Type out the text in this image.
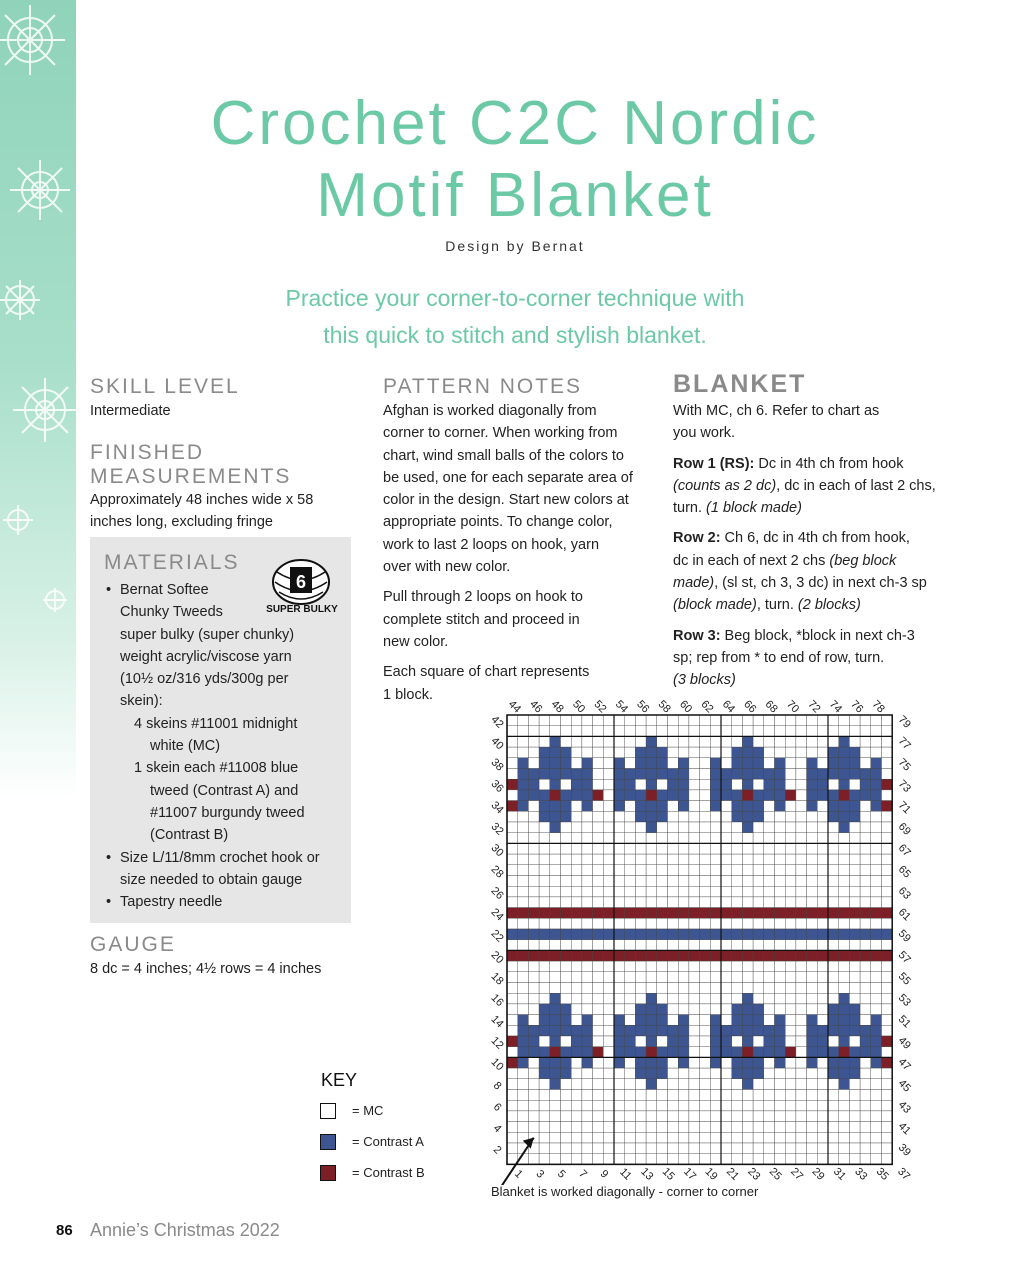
Crochet C2C Nordic
Motif Blanket
Design by Bernat
Practice your corner-to-corner technique with
this quick to stitch and stylish blanket.
SKILL LEVEL
Intermediate
FINISHED
MEASUREMENTS
Approximately 48 inches wide x 58
inches long, excluding fringe
MATERIALS
• Bernat Softee
Chunky Tweeds
super bulky (super chunky)
weight acrylic/viscose yarn
(10½ oz/316 yds/300g per
skein):
4 skeins #11001 midnight
white (MC)
1 skein each #11008 blue
tweed (Contrast A) and
#11007 burgundy tweed
(Contrast B)
• Size L/11/8mm crochet hook or
size needed to obtain gauge
• Tapestry needle
6
SUPER BULKY
GAUGE
8 dc = 4 inches; 4½ rows = 4 inches
PATTERN NOTES

Afghan is worked diagonally from
corner to corner. When working from
chart, wind small balls of the colors to
be used, one for each separate area of
color in the design. Start new colors at
appropriate points. To change color,
work to last 2 loops on hook, yarn
over with new color.

Pull through 2 loops on hook to
complete stitch and proceed in
new color.

Each square of chart represents
1 block.

BLANKET

With MC, ch 6. Refer to chart as
you work.

Row 1 (RS): Dc in 4th ch from hook
(counts as 2 dc), dc in each of last 2 chs,
turn. (1 block made)

Row 2: Ch 6, dc in 4th ch from hook,
dc in each of next 2 chs (beg block
made), (sl st, ch 3, 3 dc) in next ch-3 sp
(block made), turn. (2 blocks)

Row 3: Beg block, *block in next ch-3
sp; rep from * to end of row, turn.
(3 blocks)

44 46 48 50 52 54 56 58 60 62 64 66 68 70 72 74 76 78
42
40
38
36
34
32
30
28
26
24
22
20
18
16
14
12
10
8
6
4
2
79
77
75
73
71
69
67
65
63
61
59
57
55
53
51
49
47
45
43
41
39
1 3 5 7 9 11 13 15 17 19 21 23 25 27 29 31 33 35 37
Blanket is worked diagonally - corner to corner
KEY
= MC
= Contrast A
= Contrast B
86 Annie’s Christmas 2022
